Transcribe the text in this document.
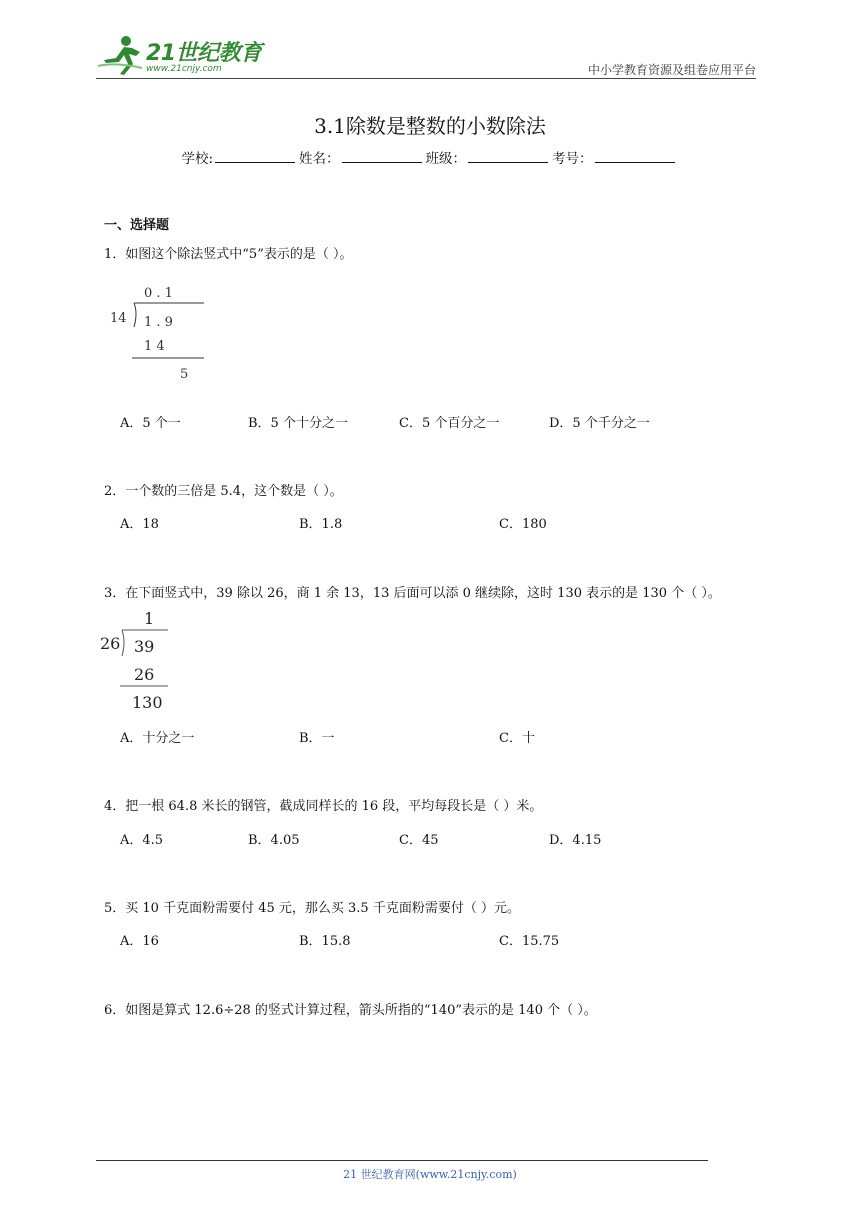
21世纪教育
www.21cnjy.com	中小学教育资源及组卷应用平台
3.1除数是整数的小数除法
学校:	姓名：	班级：	考号：
一、选择题
1．如图这个除法竖式中“5”表示的是（ ）。
0 . 1
14 1 . 9
1 4
5
A．5 个一	B．5 个十分之一	C．5 个百分之一	D．5 个千分之一
2．一个数的三倍是 5.4，这个数是（ ）。
A．18	B．1.8	C．180
3．在下面竖式中，39 除以 26，商 1 余 13，13 后面可以添 0 继续除，这时 130 表示的是 130 个（ ）。
1
26 39
26
130
A．十分之一	B．一	C．十
4．把一根 64.8 米长的钢管，截成同样长的 16 段，平均每段长是（ ）米。
A．4.5	B．4.05	C．45	D．4.15
5．买 10 千克面粉需要付 45 元，那么买 3.5 千克面粉需要付（ ）元。
A．16	B．15.8	C．15.75
6．如图是算式 12.6÷28 的竖式计算过程，箭头所指的“140”表示的是 140 个（ ）。
21 世纪教育网(www.21cnjy.com)
